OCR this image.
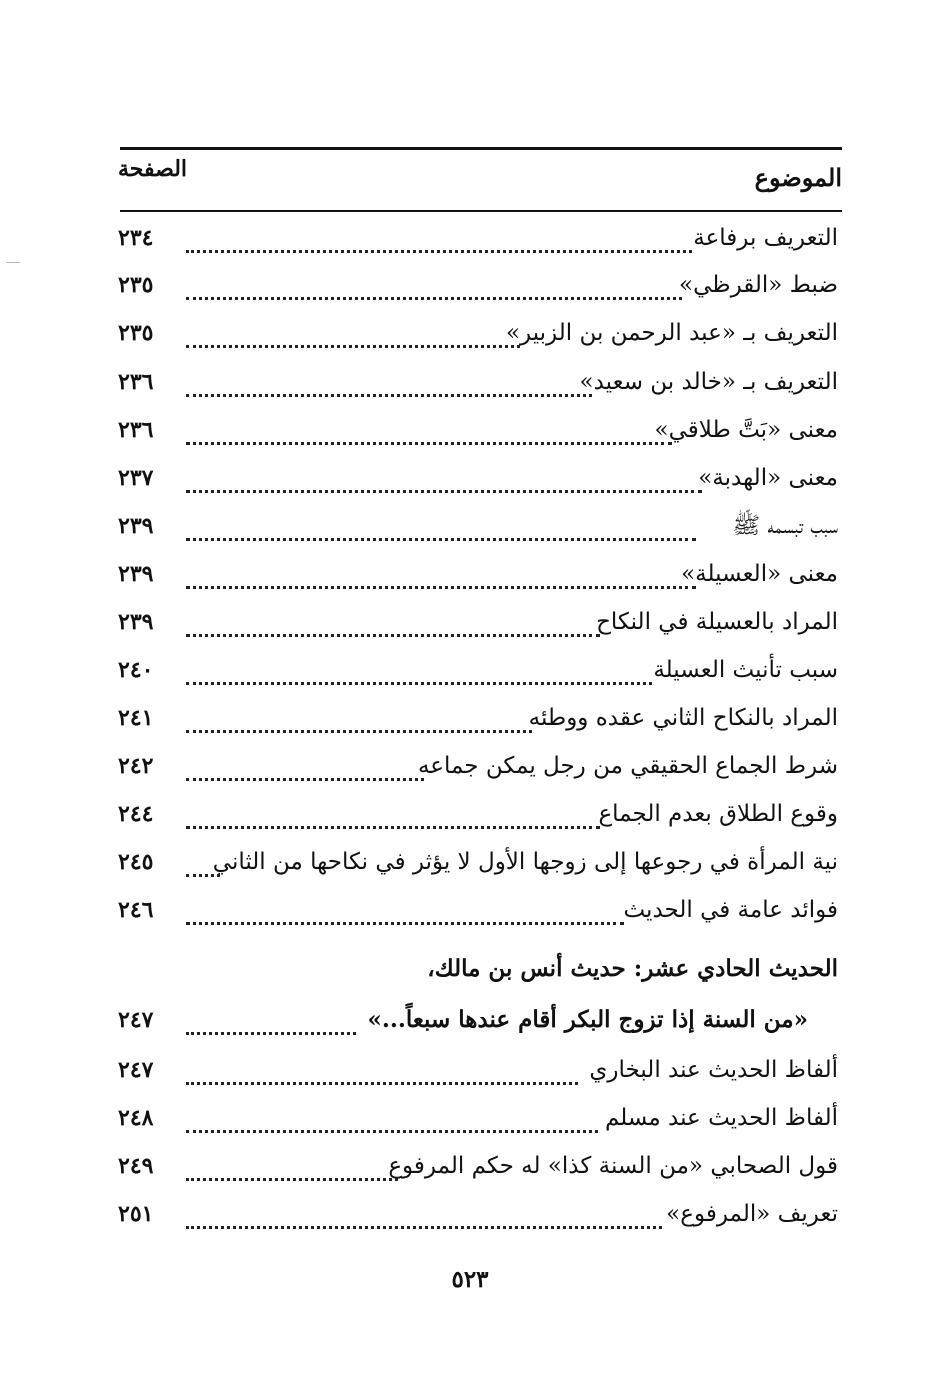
الموضوع
الصفحة
التعريف برفاعة
٢٣٤
ضبط «القرظي»
٢٣٥
التعريف بـ «عبد الرحمن بن الزبير»
٢٣٥
التعريف بـ «خالد بن سعيد»
٢٣٦
معنى «بَتَّ طلاقي»
٢٣٦
معنى «الهدبة»
٢٣٧
سبب تبسمه ﷺ
٢٣٩
معنى «العسيلة»
٢٣٩
المراد بالعسيلة في النكاح
٢٣٩
سبب تأنيث العسيلة
٢٤٠
المراد بالنكاح الثاني عقده ووطئه
٢٤١
شرط الجماع الحقيقي من رجل يمكن جماعه
٢٤٢
وقوع الطلاق بعدم الجماع
٢٤٤
نية المرأة في رجوعها إلى زوجها الأول لا يؤثر في نكاحها من الثاني
٢٤٥
فوائد عامة في الحديث
٢٤٦
الحديث الحادي عشر: حديث أنس بن مالك،
«من السنة إذا تزوج البكر أقام عندها سبعاً...»
٢٤٧
ألفاظ الحديث عند البخاري
٢٤٧
ألفاظ الحديث عند مسلم
٢٤٨
قول الصحابي «من السنة كذا» له حكم المرفوع
٢٤٩
تعريف «المرفوع»
٢٥١
٥٢٣
